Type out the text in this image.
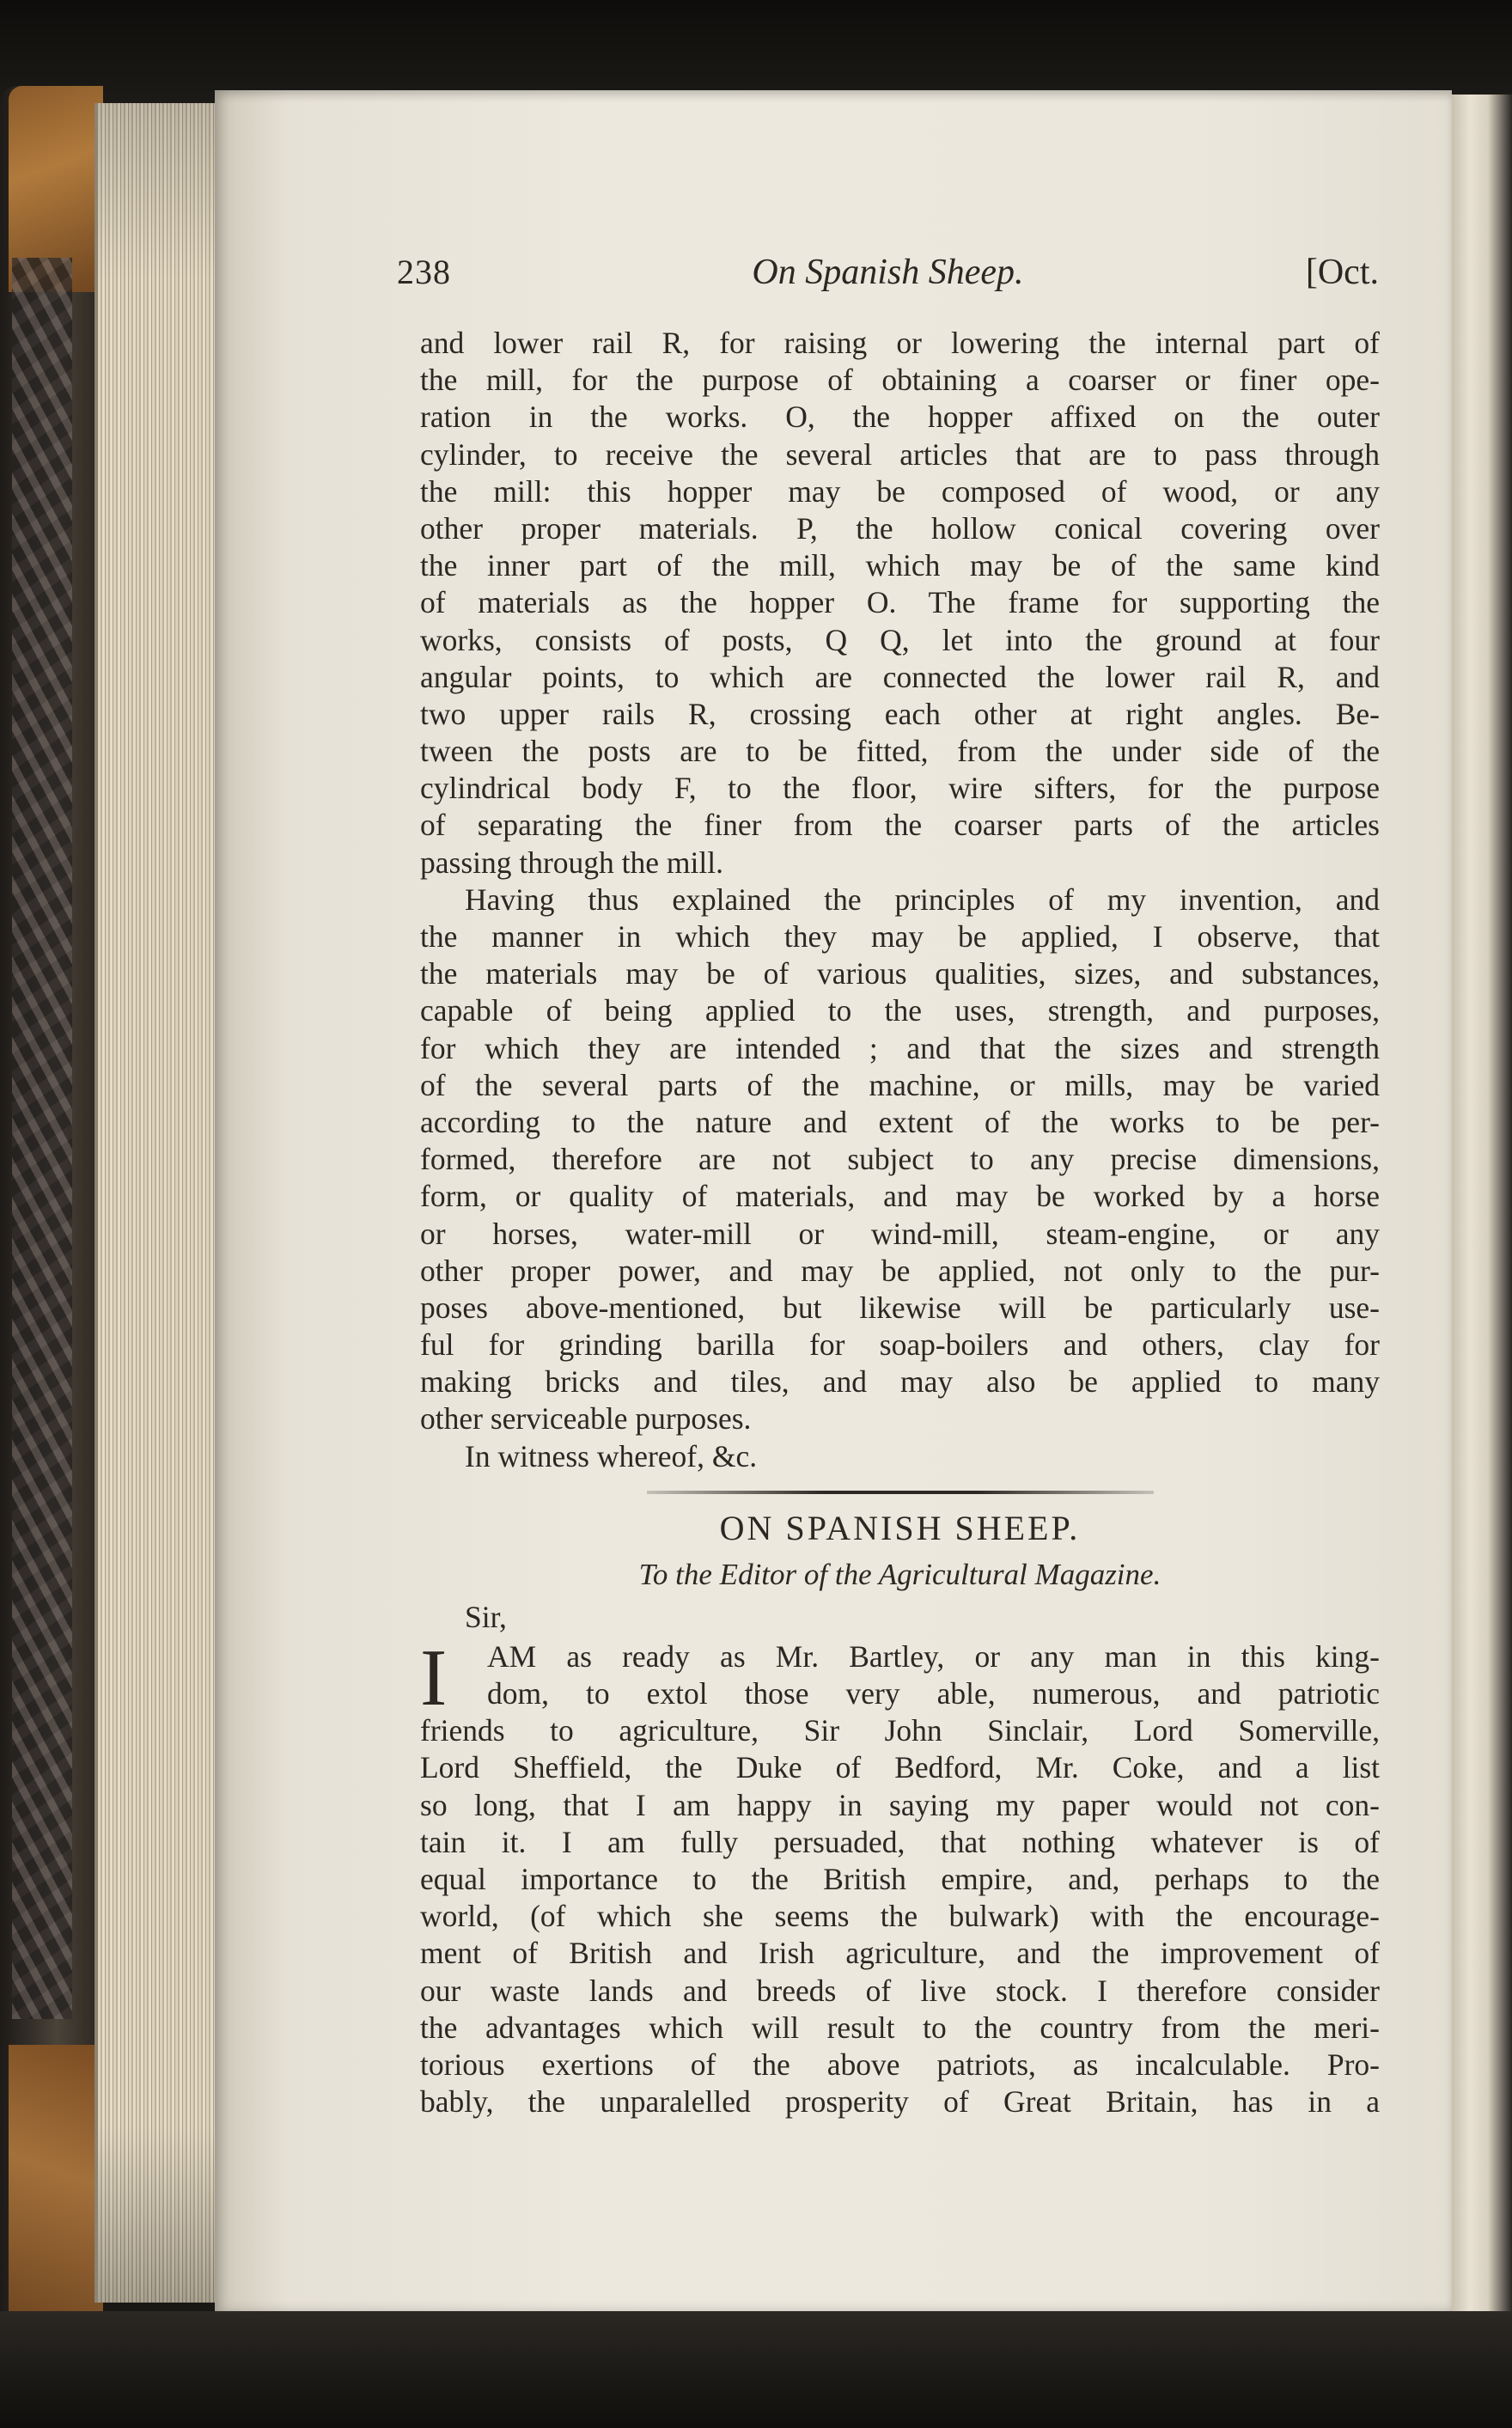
238	On Spanish Sheep.	[Oct.
and lower rail R, for raising or lowering the internal part of
the mill, for the purpose of obtaining a coarser or finer ope-
ration in the works. O, the hopper affixed on the outer
cylinder, to receive the several articles that are to pass through
the mill: this hopper may be composed of wood, or any
other proper materials. P, the hollow conical covering over
the inner part of the mill, which may be of the same kind
of materials as the hopper O. The frame for supporting the
works, consists of posts, Q Q, let into the ground at four
angular points, to which are connected the lower rail R, and
two upper rails R, crossing each other at right angles. Be-
tween the posts are to be fitted, from the under side of the
cylindrical body F, to the floor, wire sifters, for the purpose
of separating the finer from the coarser parts of the articles
passing through the mill.
Having thus explained the principles of my invention, and
the manner in which they may be applied, I observe, that
the materials may be of various qualities, sizes, and substances,
capable of being applied to the uses, strength, and purposes,
for which they are intended ; and that the sizes and strength
of the several parts of the machine, or mills, may be varied
according to the nature and extent of the works to be per-
formed, therefore are not subject to any precise dimensions,
form, or quality of materials, and may be worked by a horse
or horses, water-mill or wind-mill, steam-engine, or any
other proper power, and may be applied, not only to the pur-
poses above-mentioned, but likewise will be particularly use-
ful for grinding barilla for soap-boilers and others, clay for
making bricks and tiles, and may also be applied to many
other serviceable purposes.
In witness whereof, &c.
ON SPANISH SHEEP.
To the Editor of the Agricultural Magazine.
Sir,
I	AM as ready as Mr. Bartley, or any man in this king-
dom, to extol those very able, numerous, and patriotic
friends to agriculture, Sir John Sinclair, Lord Somerville,
Lord Sheffield, the Duke of Bedford, Mr. Coke, and a list
so long, that I am happy in saying my paper would not con-
tain it. I am fully persuaded, that nothing whatever is of
equal importance to the British empire, and, perhaps to the
world, (of which she seems the bulwark) with the encourage-
ment of British and Irish agriculture, and the improvement of
our waste lands and breeds of live stock. I therefore consider
the advantages which will result to the country from the meri-
torious exertions of the above patriots, as incalculable. Pro-
bably, the unparalelled prosperity of Great Britain, has in a
